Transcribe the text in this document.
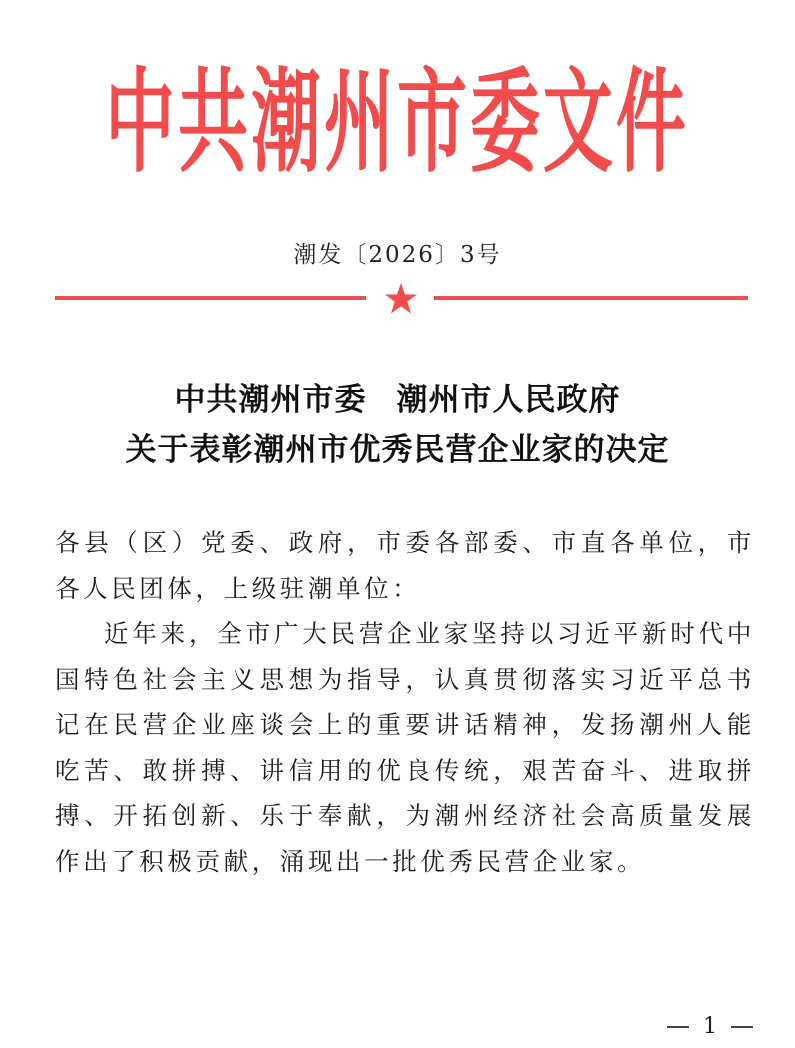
中共潮州市委文件
潮发〔2026〕3号
中共潮州市委 潮州市人民政府
关于表彰潮州市优秀民营企业家的决定

各县（区）党委、政府，市委各部委、市直各单位，市各人民团体，上级驻潮单位：

近年来，全市广大民营企业家坚持以习近平新时代中国特色社会主义思想为指导，认真贯彻落实习近平总书记在民营企业座谈会上的重要讲话精神，发扬潮州人能吃苦、敢拼搏、讲信用的优良传统，艰苦奋斗、进取拼搏、开拓创新、乐于奉献，为潮州经济社会高质量发展作出了积极贡献，涌现出一批优秀民营企业家。

1
